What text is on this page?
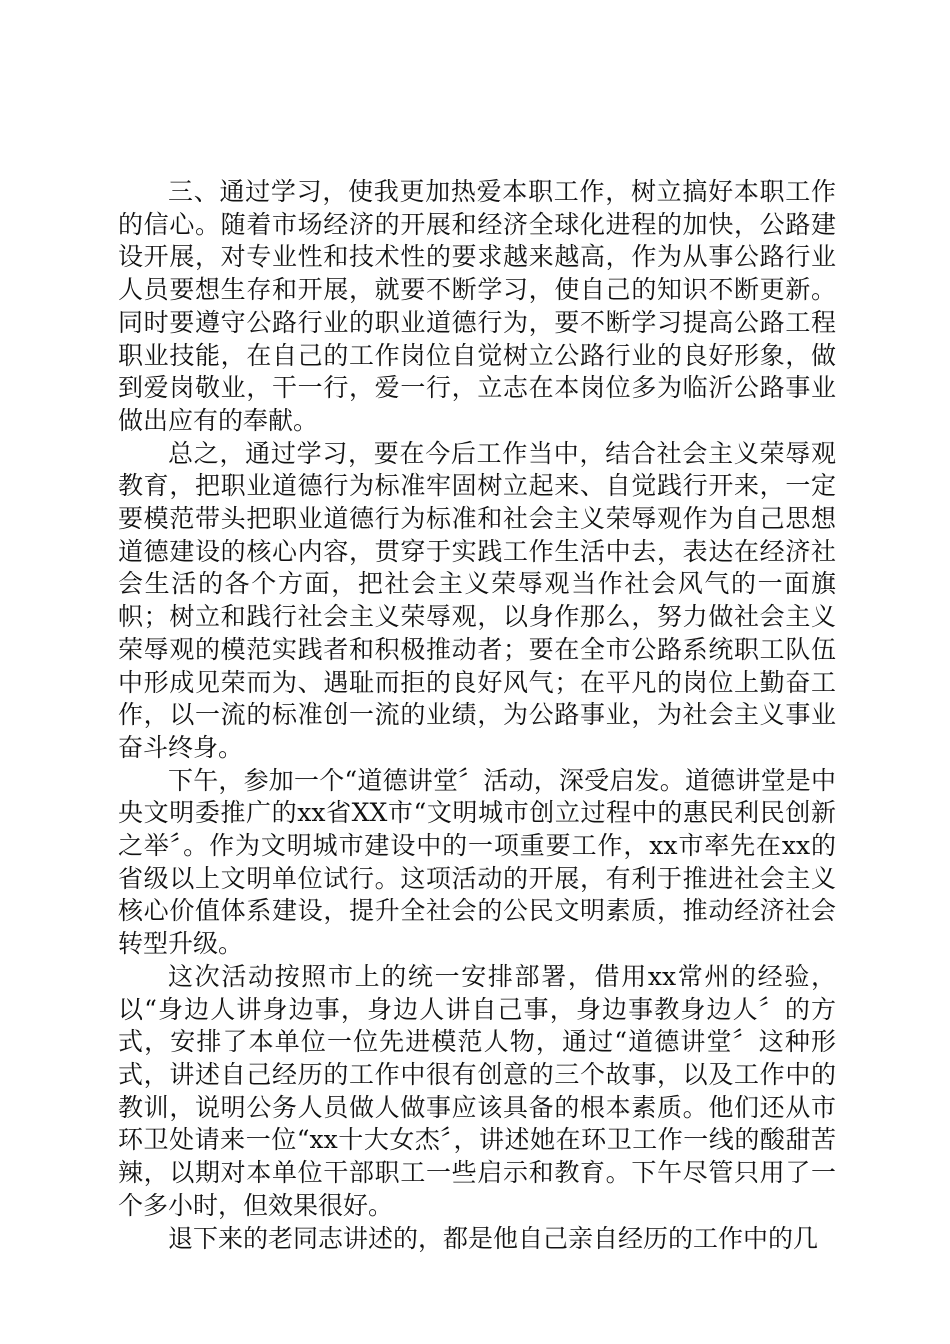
三、通过学习，使我更加热爱本职工作，树立搞好本职工作的信心。随着市场经济的开展和经济全球化进程的加快，公路建设开展，对专业性和技术性的要求越来越高，作为从事公路行业人员要想生存和开展，就要不断学习，使自己的知识不断更新。同时要遵守公路行业的职业道德行为，要不断学习提高公路工程职业技能，在自己的工作岗位自觉树立公路行业的良好形象，做到爱岗敬业，干一行，爱一行，立志在本岗位多为临沂公路事业做出应有的奉献。

总之，通过学习，要在今后工作当中，结合社会主义荣辱观教育，把职业道德行为标准牢固树立起来、自觉践行开来，一定要模范带头把职业道德行为标准和社会主义荣辱观作为自己思想道德建设的核心内容，贯穿于实践工作生活中去，表达在经济社会生活的各个方面，把社会主义荣辱观当作社会风气的一面旗帜；树立和践行社会主义荣辱观，以身作那么，努力做社会主义荣辱观的模范实践者和积极推动者；要在全市公路系统职工队伍中形成见荣而为、遇耻而拒的良好风气；在平凡的岗位上勤奋工作，以一流的标准创一流的业绩，为公路事业，为社会主义事业奋斗终身。

下午，参加一个“道德讲堂〞活动，深受启发。道德讲堂是中央文明委推广的xx省XX市“文明城市创立过程中的惠民利民创新之举〞。作为文明城市建设中的一项重要工作，xx市率先在xx的省级以上文明单位试行。这项活动的开展，有利于推进社会主义核心价值体系建设，提升全社会的公民文明素质，推动经济社会转型升级。

这次活动按照市上的统一安排部署，借用xx常州的经验，以“身边人讲身边事，身边人讲自己事，身边事教身边人〞的方式，安排了本单位一位先进模范人物，通过“道德讲堂〞这种形式，讲述自己经历的工作中很有创意的三个故事，以及工作中的教训，说明公务人员做人做事应该具备的根本素质。他们还从市环卫处请来一位“xx十大女杰〞，讲述她在环卫工作一线的酸甜苦辣，以期对本单位干部职工一些启示和教育。下午尽管只用了一个多小时，但效果很好。

退下来的老同志讲述的，都是他自己亲自经历的工作中的几
